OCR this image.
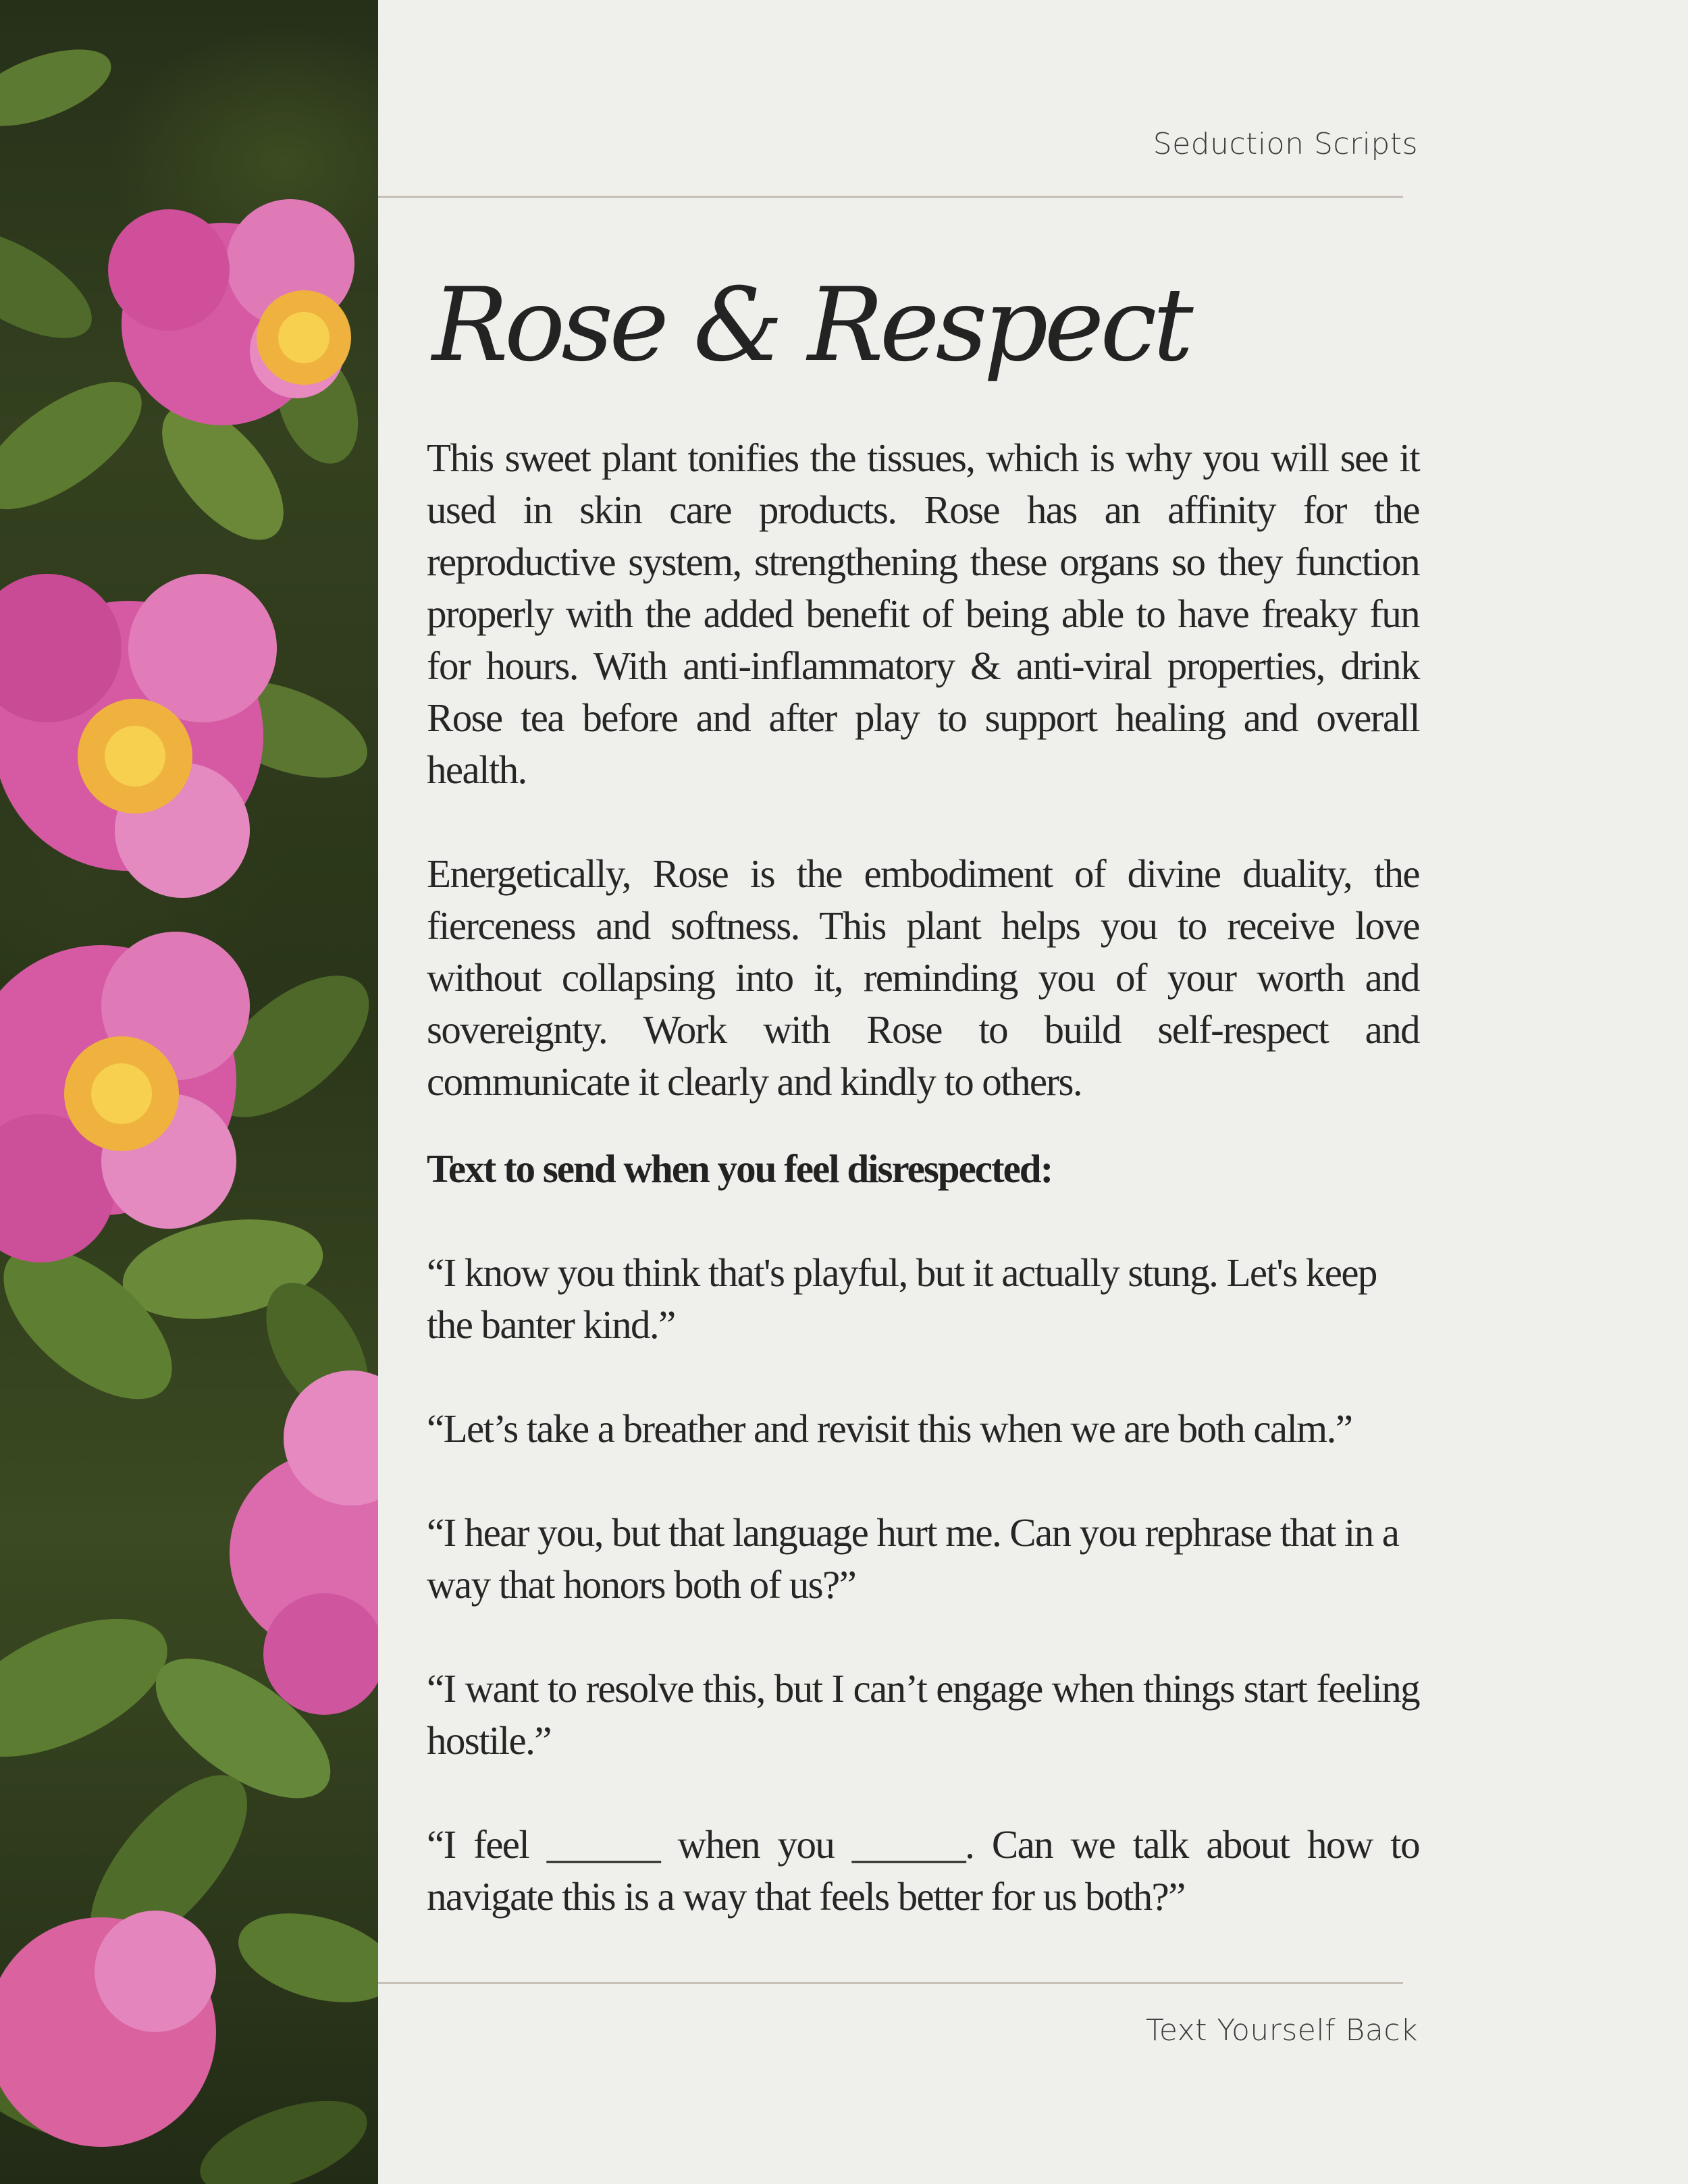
Seduction Scripts
Rose & Respect

This sweet plant tonifies the tissues, which is why you will see it used in skin care products. Rose has an affinity for the reproductive system, strengthening these organs so they function properly with the added benefit of being able to have freaky fun for hours. With anti-inflammatory & anti-viral properties, drink Rose tea before and after play to support healing and overall health.

Energetically, Rose is the embodiment of divine duality, the fierceness and softness. This plant helps you to receive love without collapsing into it, reminding you of your worth and sovereignty. Work with Rose to build self-respect and communicate it clearly and kindly to others.

Text to send when you feel disrespected:

“I know you think that's playful, but it actually stung. Let's keep the banter kind.”

“Let’s take a breather and revisit this when we are both calm.”

“I hear you, but that language hurt me. Can you rephrase that in a way that honors both of us?”

“I want to resolve this, but I can’t engage when things start feeling hostile.”

“I feel ______ when you ______. Can we talk about how to navigate this is a way that feels better for us both?”

Text Yourself Back
